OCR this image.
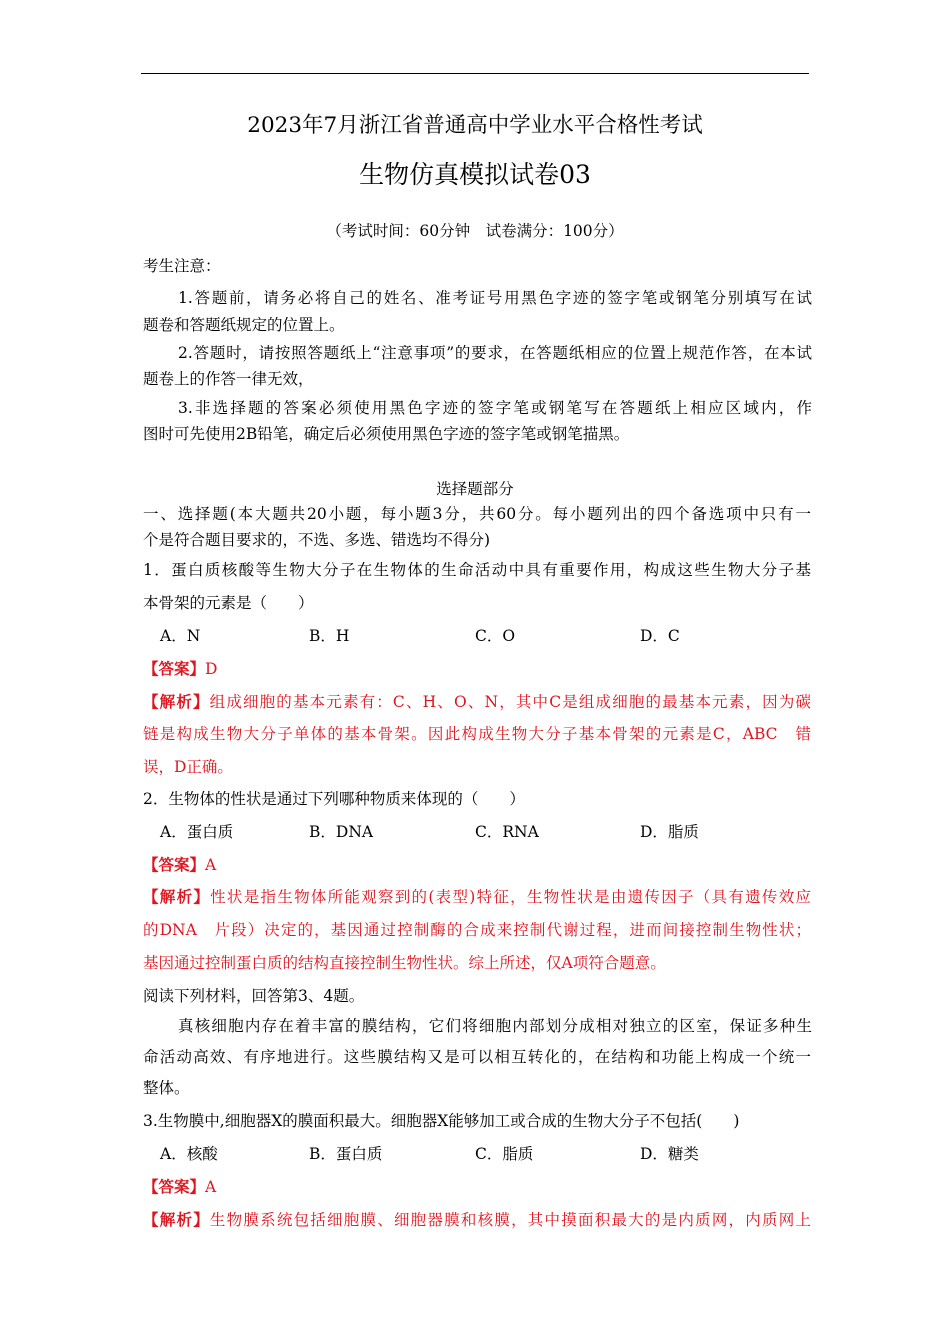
2023年7月浙江省普通高中学业水平合格性考试
生物仿真模拟试卷03
（考试时间：60分钟　试卷满分：100分）
考生注意：
1.答题前，请务必将自己的姓名、准考证号用黑色字迹的签字笔或钢笔分别填写在试
题卷和答题纸规定的位置上。
2.答题时，请按照答题纸上“注意事项”的要求，在答题纸相应的位置上规范作答，在本试
题卷上的作答一律无效，
3.非选择题的答案必须使用黑色字迹的签字笔或钢笔写在答题纸上相应区域内，作
图时可先使用2B铅笔，确定后必须使用黑色字迹的签字笔或钢笔描黑。
选择题部分
一、选择题(本大题共20小题，每小题3分，共60分。每小题列出的四个备选项中只有一
个是符合题目要求的，不选、多选、错选均不得分)
1．蛋白质核酸等生物大分子在生物体的生命活动中具有重要作用，构成这些生物大分子基
本骨架的元素是（　　）
A．N	B．H	C．O	D．C
【答案】D
【解析】组成细胞的基本元素有：C、H、O、N，其中C是组成细胞的最基本元素，因为碳
链是构成生物大分子单体的基本骨架。因此构成生物大分子基本骨架的元素是C，ABC　错
误，D正确。
2．生物体的性状是通过下列哪种物质来体现的（　　）
A．蛋白质	B．DNA	C．RNA	D．脂质
【答案】A
【解析】性状是指生物体所能观察到的(表型)特征，生物性状是由遗传因子（具有遗传效应
的DNA　片段）决定的，基因通过控制酶的合成来控制代谢过程，进而间接控制生物性状；
基因通过控制蛋白质的结构直接控制生物性状。综上所述，仅A项符合题意。
阅读下列材料，回答第3、4题。
真核细胞内存在着丰富的膜结构，它们将细胞内部划分成相对独立的区室，保证多种生
命活动高效、有序地进行。这些膜结构又是可以相互转化的，在结构和功能上构成一个统一
整体。
3.生物膜中,细胞器X的膜面积最大。细胞器X能够加工或合成的生物大分子不包括(　　)
A．核酸	B．蛋白质	C．脂质	D．糖类
【答案】A
【解析】生物膜系统包括细胞膜、细胞器膜和核膜，其中摸面积最大的是内质网，内质网上
